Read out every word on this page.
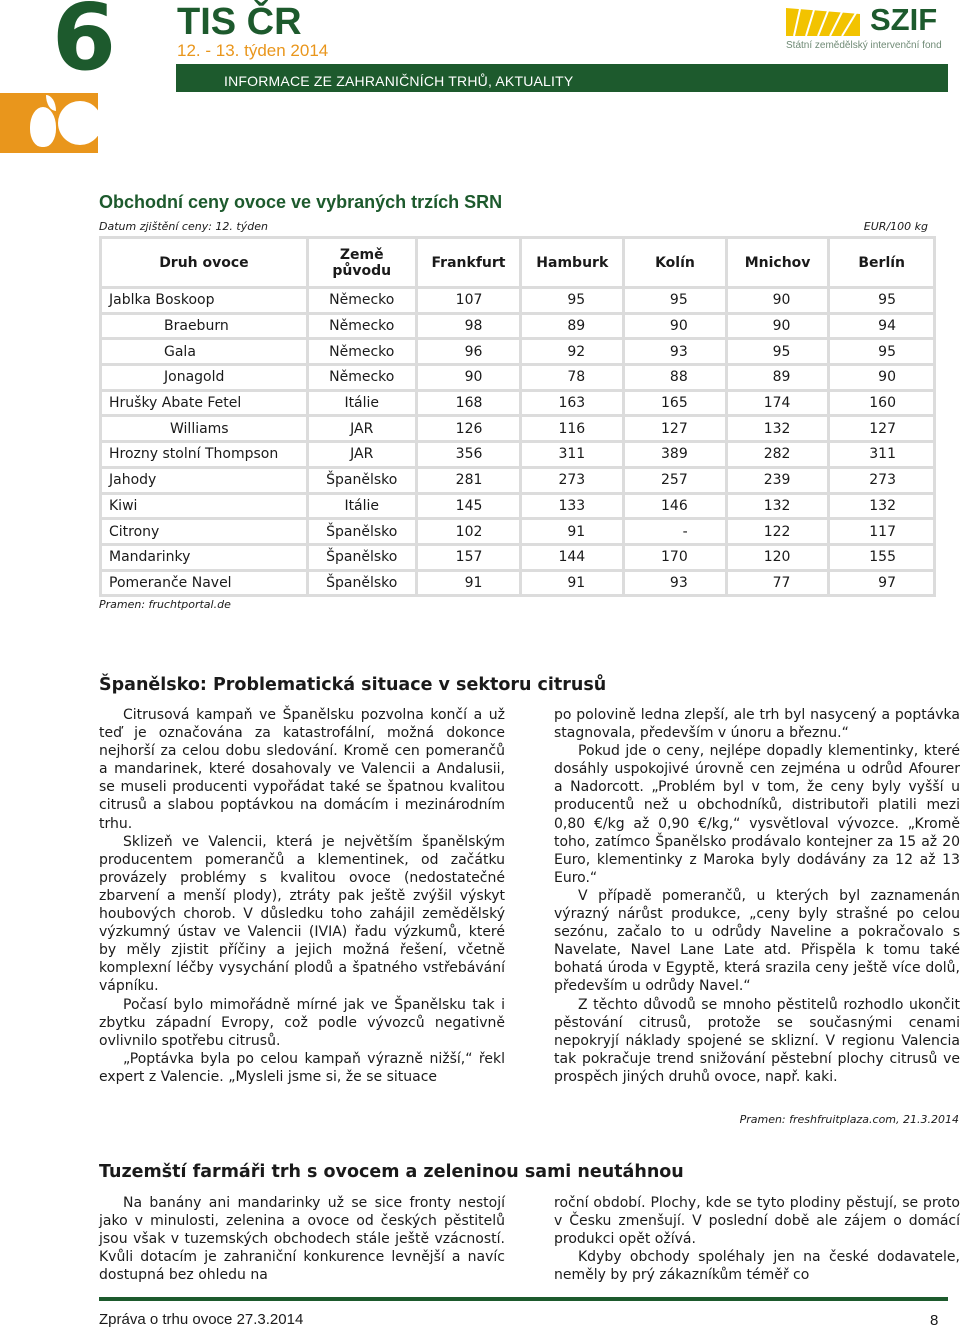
6 TIS ČR
12. - 13. týden 2014
INFORMACE ZE ZAHRANIČNÍCH TRHŮ, AKTUALITY
SZIF
Státní zemědělský intervenční fond
Obchodní ceny ovoce ve vybraných trzích SRN
Datum zjištění ceny: 12. týden	EUR/100 kg
Druh ovoce	Země původu	Frankfurt	Hamburk	Kolín	Mnichov	Berlín
Jablka Boskoop	Německo	107	95	95	90	95
Braeburn	Německo	98	89	90	90	94
Gala	Německo	96	92	93	95	95
Jonagold	Německo	90	78	88	89	90
Hrušky Abate Fetel	Itálie	168	163	165	174	160
Williams	JAR	126	116	127	132	127
Hrozny stolní Thompson	JAR	356	311	389	282	311
Jahody	Španělsko	281	273	257	239	273
Kiwi	Itálie	145	133	146	132	132
Citrony	Španělsko	102	91	-	122	117
Mandarinky	Španělsko	157	144	170	120	155
Pomeranče Navel	Španělsko	91	91	93	77	97
Pramen: fruchtportal.de
Španělsko: Problematická situace v sektoru citrusů

Citrusová kampaň ve Španělsku pozvolna končí a už teď je označována za katastrofální, možná dokonce nejhorší za celou dobu sledování. Kromě cen pomerančů a mandarinek, které dosahovaly ve Valencii a Andalusii, se museli producenti vypořádat také se špatnou kvalitou citrusů a slabou poptávkou na domácím i mezinárodním trhu.

Sklizeň ve Valencii, která je největším španělským producentem pomerančů a klementinek, od začátku provázely problémy s kvalitou ovoce (nedostatečné zbarvení a menší plody), ztráty pak ještě zvýšil výskyt houbových chorob. V důsledku toho zahájil zemědělský výzkumný ústav ve Valencii (IVIA) řadu výzkumů, které by měly zjistit příčiny a jejich možná řešení, včetně komplexní léčby vysychání plodů a špatného vstřebávání vápníku.

Počasí bylo mimořádně mírné jak ve Španělsku tak i zbytku západní Evropy, což podle vývozců negativně ovlivnilo spotřebu citrusů.

„Poptávka byla po celou kampaň výrazně nižší,“ řekl expert z Valencie. „Mysleli jsme si, že se situace

po polovině ledna zlepší, ale trh byl nasycený a poptávka stagnovala, především v únoru a březnu.“

Pokud jde o ceny, nejlépe dopadly klementinky, které dosáhly uspokojivé úrovně cen zejména u odrůd Afourer a Nadorcott. „Problém byl v tom, že ceny byly vyšší u producentů než u obchodníků, distributoři platili mezi 0,80 €/kg až 0,90 €/kg,“ vysvětloval vývozce. „Kromě toho, zatímco Španělsko prodávalo kontejner za 15 až 20 Euro, klementinky z Maroka byly dodávány za 12 až 13 Euro.“

V případě pomerančů, u kterých byl zaznamenán výrazný nárůst produkce, „ceny byly strašné po celou sezónu, začalo to u odrůdy Naveline a pokračovalo s Navelate, Navel Lane Late atd. Přispěla k tomu také bohatá úroda v Egyptě, která srazila ceny ještě více dolů, především u odrůdy Navel.“

Z těchto důvodů se mnoho pěstitelů rozhodlo ukončit pěstování citrusů, protože se současnými cenami nepokryjí náklady spojené se sklizní. V regionu Valencia tak pokračuje trend snižování pěstební plochy citrusů ve prospěch jiných druhů ovoce, např. kaki.

Pramen: freshfruitplaza.com, 21.3.2014
Tuzemští farmáři trh s ovocem a zeleninou sami neutáhnou

Na banány ani mandarinky už se sice fronty nestojí jako v minulosti, zelenina a ovoce od českých pěstitelů jsou však v tuzemských obchodech stále ještě vzácností. Kvůli dotacím je zahraniční konkurence levnější a navíc dostupná bez ohledu na

roční období. Plochy, kde se tyto plodiny pěstují, se proto v Česku zmenšují. V poslední době ale zájem o domácí produkci opět ožívá.

Kdyby obchody spoléhaly jen na české dodavatele, neměly by prý zákazníkům téměř co

Zpráva o trhu ovoce 27.3.2014	8
